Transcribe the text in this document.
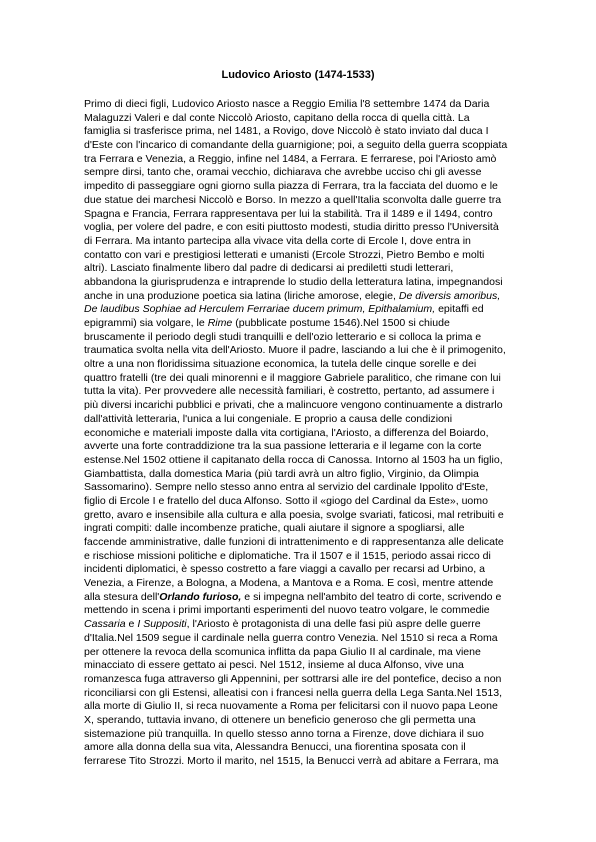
Ludovico Ariosto (1474-1533)
Primo di dieci figli, Ludovico Ariosto nasce a Reggio Emilia l'8 settembre 1474 da Daria
Malaguzzi Valeri e dal conte Niccolò Ariosto, capitano della rocca di quella città. La
famiglia si trasferisce prima, nel 1481, a Rovigo, dove Niccolò è stato inviato dal duca I
d'Este con l'incarico di comandante della guarnigione; poi, a seguito della guerra scoppiata
tra Ferrara e Venezia, a Reggio, infine nel 1484, a Ferrara. E ferrarese, poi l'Ariosto amò
sempre dirsi, tanto che, oramai vecchio, dichiarava che avrebbe ucciso chi gli avesse
impedito di passeggiare ogni giorno sulla piazza di Ferrara, tra la facciata del duomo e le
due statue dei marchesi Niccolò e Borso. In mezzo a quell'Italia sconvolta dalle guerre tra
Spagna e Francia, Ferrara rappresentava per lui la stabilità. Tra il 1489 e il 1494, contro
voglia, per volere del padre, e con esiti piuttosto modesti, studia diritto presso l'Università
di Ferrara. Ma intanto partecipa alla vivace vita della corte di Ercole I, dove entra in
contatto con vari e prestigiosi letterati e umanisti (Ercole Strozzi, Pietro Bembo e molti
altri). Lasciato finalmente libero dal padre di dedicarsi ai prediletti studi letterari,
abbandona la giurisprudenza e intraprende lo studio della letteratura latina, impegnandosi
anche in una produzione poetica sia latina (liriche amorose, elegie, De diversis amoribus,
De laudibus Sophiae ad Herculem Ferrariae ducem primum, Epithalamium, epitaffi ed
epigrammi) sia volgare, le Rime (pubblicate postume 1546).Nel 1500 si chiude
bruscamente il periodo degli studi tranquilli e dell'ozio letterario e si colloca la prima e
traumatica svolta nella vita dell'Ariosto. Muore il padre, lasciando a lui che è il primogenito,
oltre a una non floridissima situazione economica, la tutela delle cinque sorelle e dei
quattro fratelli (tre dei quali minorenni e il maggiore Gabriele paralitico, che rimane con lui
tutta la vita). Per provvedere alle necessità familiari, è costretto, pertanto, ad assumere i
più diversi incarichi pubblici e privati, che a malincuore vengono continuamente a distrarlo
dall'attività letteraria, l'unica a lui congeniale. E proprio a causa delle condizioni
economiche e materiali imposte dalla vita cortigiana, l'Ariosto, a differenza del Boiardo,
avverte una forte contraddizione tra la sua passione letteraria e il legame con la corte
estense.Nel 1502 ottiene il capitanato della rocca di Canossa. Intorno al 1503 ha un figlio,
Giambattista, dalla domestica Maria (più tardi avrà un altro figlio, Virginio, da Olimpia
Sassomarino). Sempre nello stesso anno entra al servizio del cardinale Ippolito d'Este,
figlio di Ercole I e fratello del duca Alfonso. Sotto il «giogo del Cardinal da Este», uomo
gretto, avaro e insensibile alla cultura e alla poesia, svolge svariati, faticosi, mal retribuiti e
ingrati compiti: dalle incombenze pratiche, quali aiutare il signore a spogliarsi, alle
faccende amministrative, dalle funzioni di intrattenimento e di rappresentanza alle delicate
e rischiose missioni politiche e diplomatiche. Tra il 1507 e il 1515, periodo assai ricco di
incidenti diplomatici, è spesso costretto a fare viaggi a cavallo per recarsi ad Urbino, a
Venezia, a Firenze, a Bologna, a Modena, a Mantova e a Roma. E così, mentre attende
alla stesura dell'Orlando furioso, e si impegna nell'ambito del teatro di corte, scrivendo e
mettendo in scena i primi importanti esperimenti del nuovo teatro volgare, le commedie
Cassaria e I Suppositi, l'Ariosto è protagonista di una delle fasi più aspre delle guerre
d'Italia.Nel 1509 segue il cardinale nella guerra contro Venezia. Nel 1510 si reca a Roma
per ottenere la revoca della scomunica inflitta da papa Giulio II al cardinale, ma viene
minacciato di essere gettato ai pesci. Nel 1512, insieme al duca Alfonso, vive una
romanzesca fuga attraverso gli Appennini, per sottrarsi alle ire del pontefice, deciso a non
riconciliarsi con gli Estensi, alleatisi con i francesi nella guerra della Lega Santa.Nel 1513,
alla morte di Giulio II, si reca nuovamente a Roma per felicitarsi con il nuovo papa Leone
X, sperando, tuttavia invano, di ottenere un beneficio generoso che gli permetta una
sistemazione più tranquilla. In quello stesso anno torna a Firenze, dove dichiara il suo
amore alla donna della sua vita, Alessandra Benucci, una fiorentina sposata con il
ferrarese Tito Strozzi. Morto il marito, nel 1515, la Benucci verrà ad abitare a Ferrara, ma
